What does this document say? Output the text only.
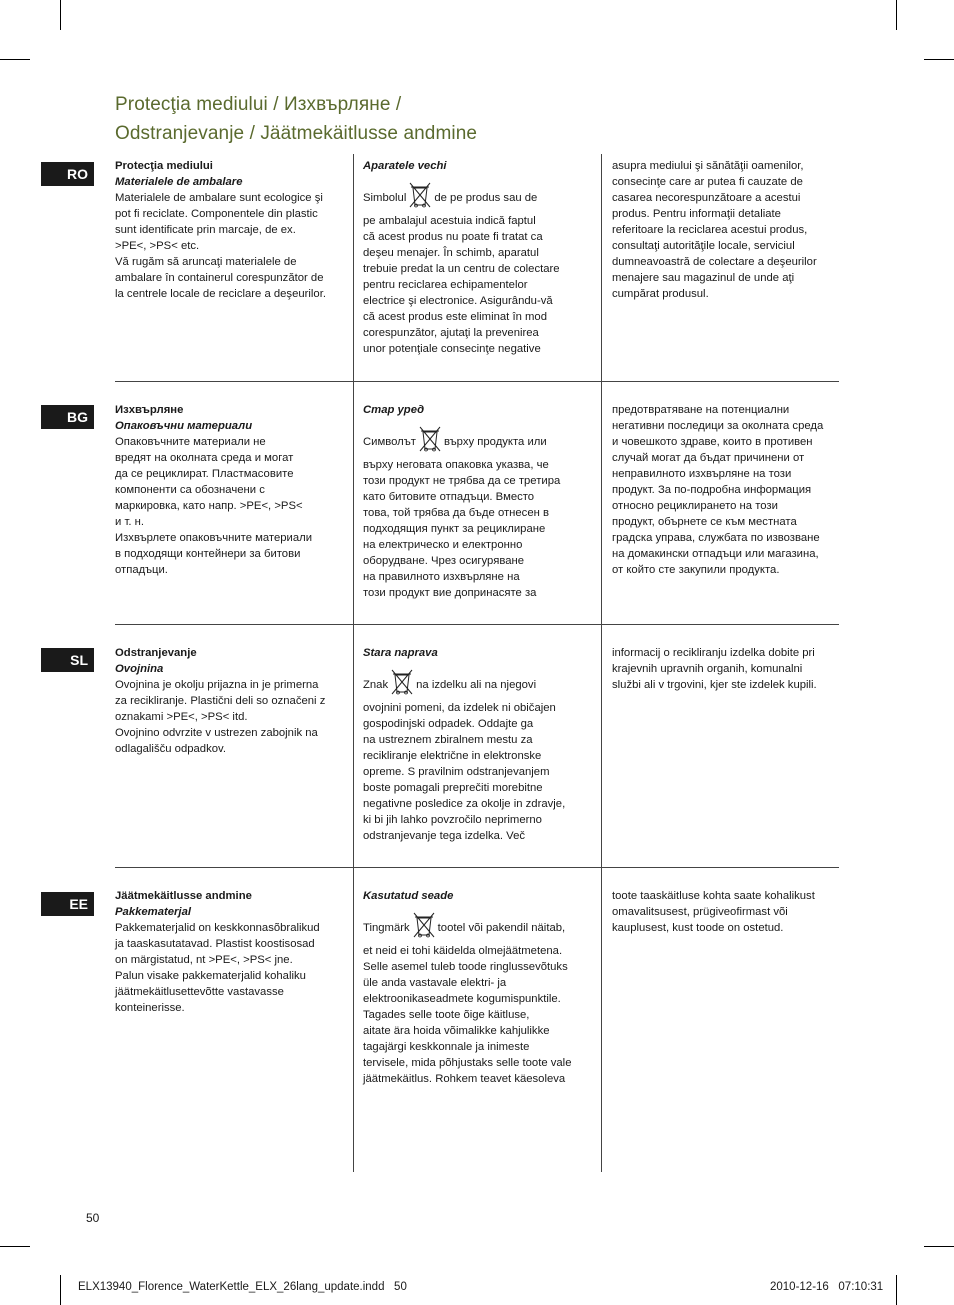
Protecţia mediului / Изхвърляне /
Odstranjevanje / Jäätmekäitlusse andmine
RO	Protecţia mediului

Materialele de ambalare

Materialele de ambalare sunt ecologice şi

pot fi reciclate. Componentele din plastic

sunt identificate prin marcaje, de ex.

>PE<, >PS< etc.

Vă rugăm să aruncaţi materialele de

ambalare în containerul corespunzător de

la centrele locale de reciclare a deşeurilor.

Aparatele vechi

Simbolul de pe produs sau de

pe ambalajul acestuia indică faptul

că acest produs nu poate fi tratat ca

deşeu menajer. În schimb, aparatul

trebuie predat la un centru de colectare

pentru reciclarea echipamentelor

electrice şi electronice. Asigurându-vă

că acest produs este eliminat în mod

corespunzător, ajutaţi la prevenirea

unor potenţiale consecinţe negative

asupra mediului şi sănătăţii oamenilor,

consecinţe care ar putea fi cauzate de

casarea necorespunzătoare a acestui

produs. Pentru informaţii detaliate

referitoare la reciclarea acestui produs,

consultaţi autorităţile locale, serviciul

dumneavoastră de colectare a deşeurilor

menajere sau magazinul de unde aţi

cumpărat produsul.

BG	Изхвърляне

Опаковъчни материали

Опаковъчните материали не

вредят на околната среда и могат

да се рециклират. Пластмасовите

компоненти са обозначени с

маркировка, като напр. >PE<, >PS<

и т. н.

Изхвърлете опаковъчните материали

в подходящи контейнери за битови

отпадъци.

Стар уред

Символът върху продукта или

върху неговата опаковка указва, че

този продукт не трябва да се третира

като битовите отпадъци. Вместо

това, той трябва да бъде отнесен в

подходящия пункт за рециклиране

на електрическо и електронно

оборудване. Чрез осигуряване

на правилното изхвърляне на

този продукт вие допринасяте за

предотвратяване на потенциални

негативни последици за околната среда

и човешкото здраве, които в противен

случай могат да бъдат причинени от

неправилното изхвърляне на този

продукт. За по-подробна информация

относно рециклирането на този

продукт, обърнете се към местната

градска управа, службата по извозване

на домакински отпадъци или магазина,

от който сте закупили продукта.

SL	Odstranjevanje

Ovojnina

Ovojnina je okolju prijazna in je primerna

za recikliranje. Plastični deli so označeni z

oznakami >PE<, >PS< itd.

Ovojnino odvrzite v ustrezen zabojnik na

odlagališču odpadkov.

Stara naprava

Znak na izdelku ali na njegovi

ovojnini pomeni, da izdelek ni običajen

gospodinjski odpadek. Oddajte ga

na ustreznem zbiralnem mestu za

recikliranje električne in elektronske

opreme. S pravilnim odstranjevanjem

boste pomagali preprečiti morebitne

negativne posledice za okolje in zdravje,

ki bi jih lahko povzročilo neprimerno

odstranjevanje tega izdelka. Več

informacij o recikliranju izdelka dobite pri

krajevnih upravnih organih, komunalni

službi ali v trgovini, kjer ste izdelek kupili.

EE	Jäätmekäitlusse andmine

Pakkematerjal

Pakkematerjalid on keskkonnasõbralikud

ja taaskasutatavad. Plastist koostisosad

on märgistatud, nt >PE<, >PS< jne.

Palun visake pakkematerjalid kohaliku

jäätmekäitlusettevõtte vastavasse

konteinerisse.

Kasutatud seade

Tingmärk tootel või pakendil näitab,

et neid ei tohi käidelda olmejäätmetena.

Selle asemel tuleb toode ringlussevõtuks

üle anda vastavale elektri- ja

elektroonikaseadmete kogumispunktile.

Tagades selle toote õige käitluse,

aitate ära hoida võimalikke kahjulikke

tagajärgi keskkonnale ja inimeste

tervisele, mida põhjustaks selle toote vale

jäätmekäitlus. Rohkem teavet käesoleva

toote taaskäitluse kohta saate kohalikust

omavalitsusest, prügiveofirmast või

kauplusest, kust toode on ostetud.

50
ELX13940_Florence_WaterKettle_ELX_26lang_update.indd   50	2010-12-16   07:10:31
